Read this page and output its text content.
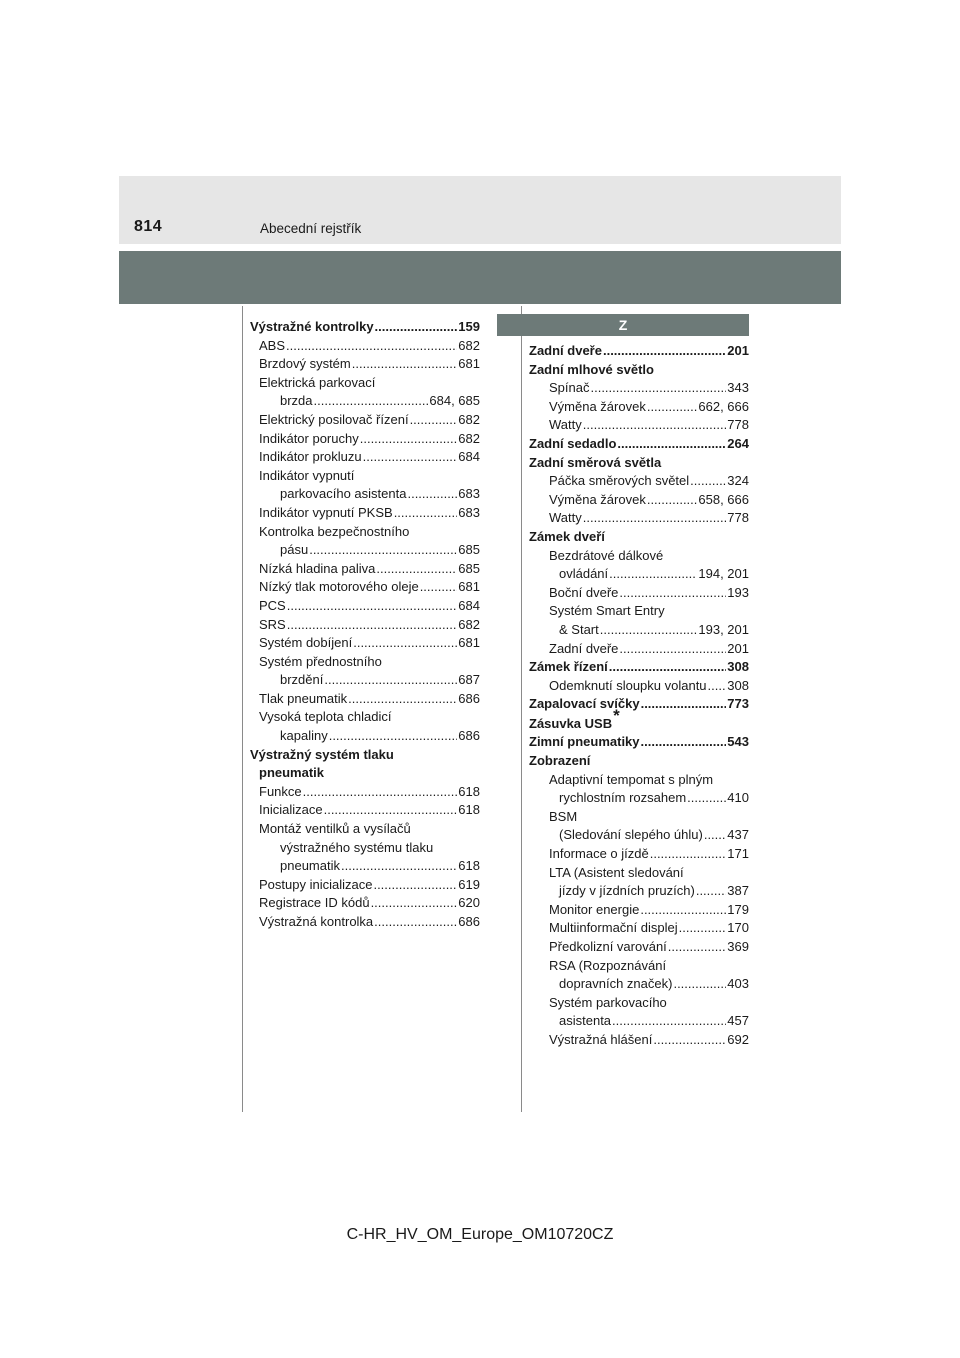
814	Abecední rejstřík
Výstražné kontrolky .....	159
ABS .....	682
Brzdový systém .....	681
Elektrická parkovací
brzda .....	684, 685
Elektrický posilovač řízení .....	682
Indikátor poruchy .....	682
Indikátor prokluzu .....	684
Indikátor vypnutí
parkovacího asistenta .....	683
Indikátor vypnutí PKSB .....	683
Kontrolka bezpečnostního
pásu .....	685
Nízká hladina paliva .....	685
Nízký tlak motorového oleje .....	681
PCS .....	684
SRS .....	682
Systém dobíjení .....	681
Systém přednostního
brzdění .....	687
Tlak pneumatik .....	686
Vysoká teplota chladicí
kapaliny .....	686
Výstražný systém tlaku
pneumatik
Funkce .....	618
Inicializace .....	618
Montáž ventilků a vysílačů
výstražného systému tlaku
pneumatik .....	618
Postupy inicializace .....	619
Registrace ID kódů .....	620
Výstražná kontrolka .....	686
Z
Zadní dveře .....	201
Zadní mlhové světlo
Spínač .....	343
Výměna žárovek .....	662, 666
Watty .....	778
Zadní sedadlo .....	264
Zadní směrová světla
Páčka směrových světel .....	324
Výměna žárovek .....	658, 666
Watty .....	778
Zámek dveří
Bezdrátové dálkové
ovládání .....	194, 201
Boční dveře .....	193
Systém Smart Entry
& Start .....	193, 201
Zadní dveře .....	201
Zámek řízení .....	308
Odemknutí sloupku volantu ..... 308
Zapalovací svíčky .....	773
Zásuvka USB*
Zimní pneumatiky .....	543
Zobrazení
Adaptivní tempomat s plným
rychlostním rozsahem .....	410
BSM
(Sledování slepého úhlu) ..... 437
Informace o jízdě .....	171
LTA (Asistent sledování
jízdy v jízdních pruzích) ..... 387
Monitor energie .....	179
Multiinformační displej .....	170
Předkolizní varování .....	369
RSA (Rozpoznávání
dopravních značek) .....	403
Systém parkovacího
asistenta .....	457
Výstražná hlášení .....	692
C-HR_HV_OM_Europe_OM10720CZ
